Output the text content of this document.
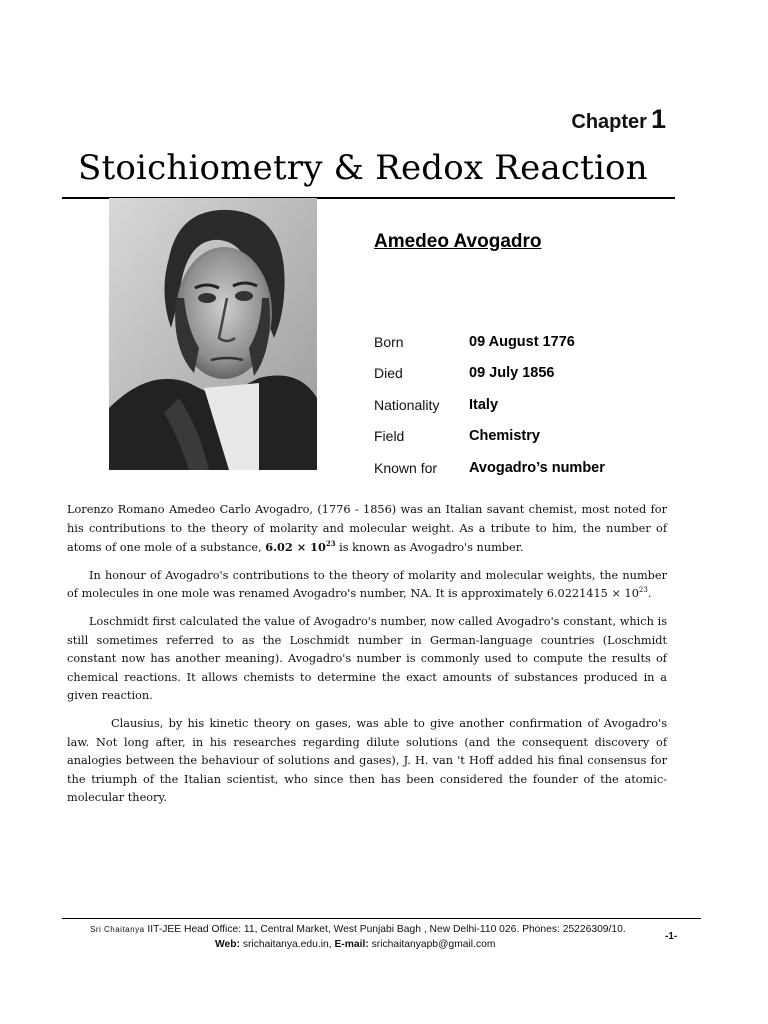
Chapter 1
Stoichiometry & Redox Reaction
Amedeo Avogadro
Born	09 August 1776
Died	09 July 1856
Nationality	Italy
Field	Chemistry
Known for	Avogadro’s number

Lorenzo Romano Amedeo Carlo Avogadro, (1776 - 1856) was an Italian savant chemist, most noted for his contributions to the theory of molarity and molecular weight. As a tribute to him, the number of atoms of one mole of a substance, $6.02 \times 10^{23}$ is known as Avogadro's number.

In honour of Avogadro's contributions to the theory of molarity and molecular weights, the number of molecules in one mole was renamed Avogadro's number, NA. It is approximately $6.0221415 \times 10^{23}$.

Loschmidt first calculated the value of Avogadro's number, now called Avogadro's constant, which is still sometimes referred to as the Loschmidt number in German-language countries (Loschmidt constant now has another meaning). Avogadro's number is commonly used to compute the results of chemical reactions. It allows chemists to determine the exact amounts of substances produced in a given reaction.

Clausius, by his kinetic theory on gases, was able to give another confirmation of Avogadro's law. Not long after, in his researches regarding dilute solutions (and the consequent discovery of analogies between the behaviour of solutions and gases), J. H. van 't Hoff added his final consensus for the triumph of the Italian scientist, who since then has been considered the founder of the atomic-molecular theory.

Sri Chaitanya IIT-JEE Head Office: 11, Central Market, West Punjabi Bagh , New Delhi-110 026. Phones: 25226309/10.
Web: srichaitanya.edu.in, E-mail: srichaitanyapb@gmail.com
-1-
